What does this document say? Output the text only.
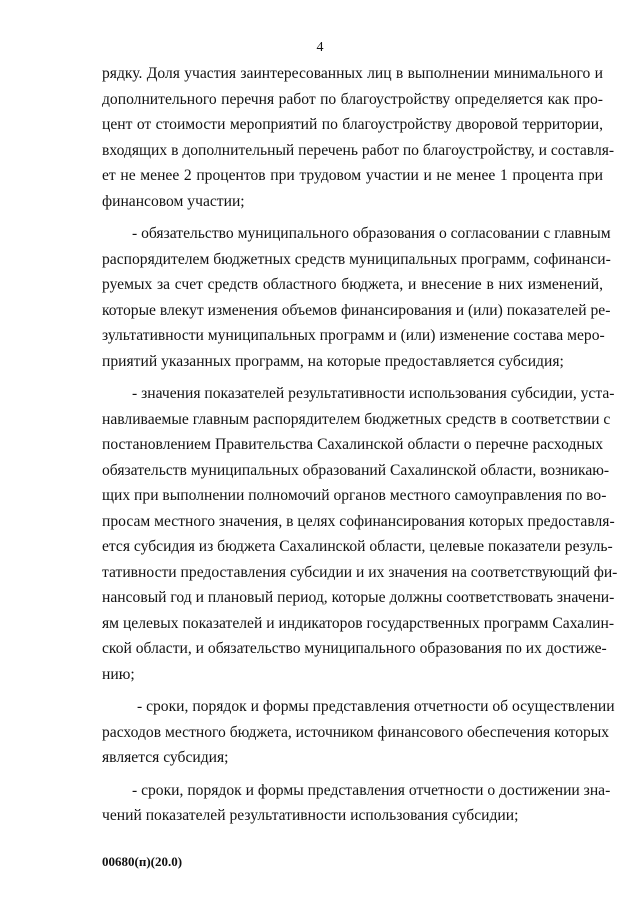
4
рядку. Доля участия заинтересованных лиц в выполнении минимального и
дополнительного перечня работ по благоустройству определяется как про-
цент от стоимости мероприятий по благоустройству дворовой территории,
входящих в дополнительный перечень работ по благоустройству, и составля-
ет не менее 2 процентов при трудовом участии и не менее 1 процента при
финансовом участии;
- обязательство муниципального образования о согласовании с главным
распорядителем бюджетных средств муниципальных программ, софинанси-
руемых за счет средств областного бюджета, и внесение в них изменений,
которые влекут изменения объемов финансирования и (или) показателей ре-
зультативности муниципальных программ и (или) изменение состава меро-
приятий указанных программ, на которые предоставляется субсидия;
- значения показателей результативности использования субсидии, уста-
навливаемые главным распорядителем бюджетных средств в соответствии с
постановлением Правительства Сахалинской области о перечне расходных
обязательств муниципальных образований Сахалинской области, возникаю-
щих при выполнении полномочий органов местного самоуправления по во-
просам местного значения, в целях софинансирования которых предоставля-
ется субсидия из бюджета Сахалинской области, целевые показатели резуль-
тативности предоставления субсидии и их значения на соответствующий фи-
нансовый год и плановый период, которые должны соответствовать значени-
ям целевых показателей и индикаторов государственных программ Сахалин-
ской области, и обязательство муниципального образования по их достиже-
нию;
- сроки, порядок и формы представления отчетности об осуществлении
расходов местного бюджета, источником финансового обеспечения которых
является субсидия;
- сроки, порядок и формы представления отчетности о достижении зна-
чений показателей результативности использования субсидии;
00680(п)(20.0)
